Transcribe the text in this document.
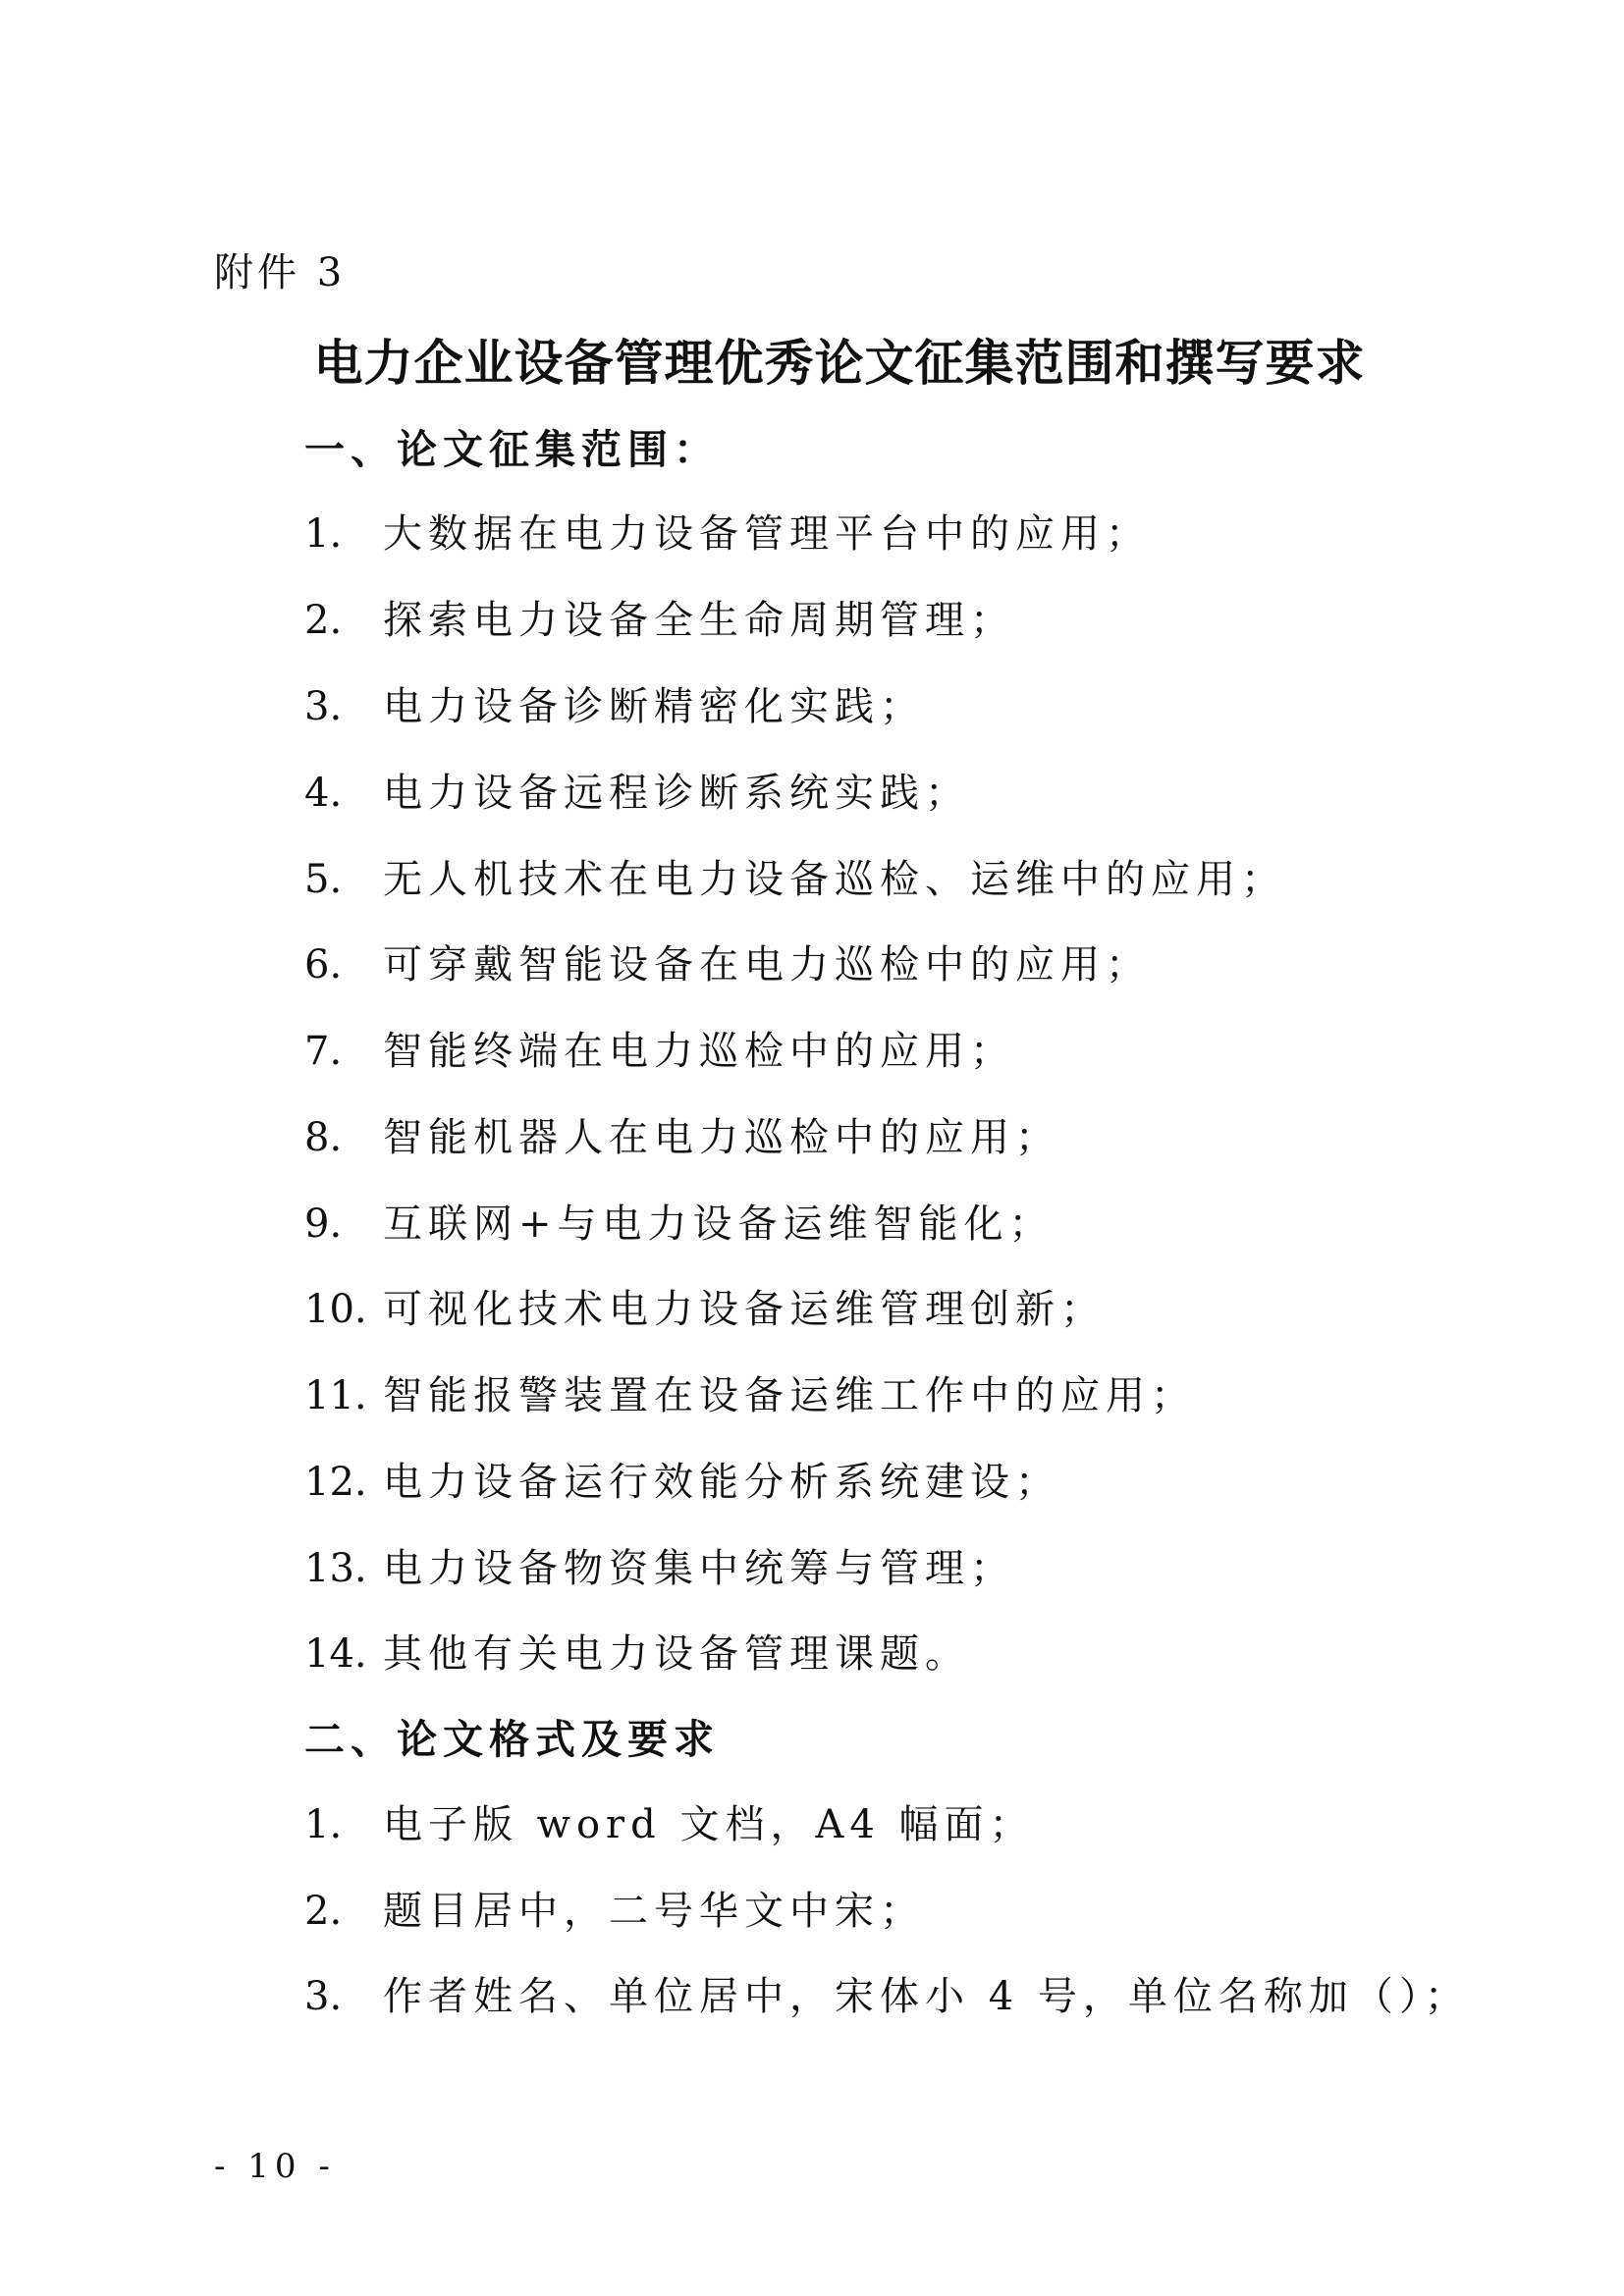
附件 3
电力企业设备管理优秀论文征集范围和撰写要求
一、论文征集范围：
1. 大数据在电力设备管理平台中的应用；
2. 探索电力设备全生命周期管理；
3. 电力设备诊断精密化实践；
4. 电力设备远程诊断系统实践；
5. 无人机技术在电力设备巡检、运维中的应用；
6. 可穿戴智能设备在电力巡检中的应用；
7. 智能终端在电力巡检中的应用；
8. 智能机器人在电力巡检中的应用；
9. 互联网+与电力设备运维智能化；
10. 可视化技术电力设备运维管理创新；
11. 智能报警装置在设备运维工作中的应用；
12. 电力设备运行效能分析系统建设；
13. 电力设备物资集中统筹与管理；
14. 其他有关电力设备管理课题。
二、论文格式及要求
1. 电子版 word 文档，A4 幅面；
2. 题目居中，二号华文中宋；
3. 作者姓名、单位居中，宋体小 4 号，单位名称加（）；
- 10 -
